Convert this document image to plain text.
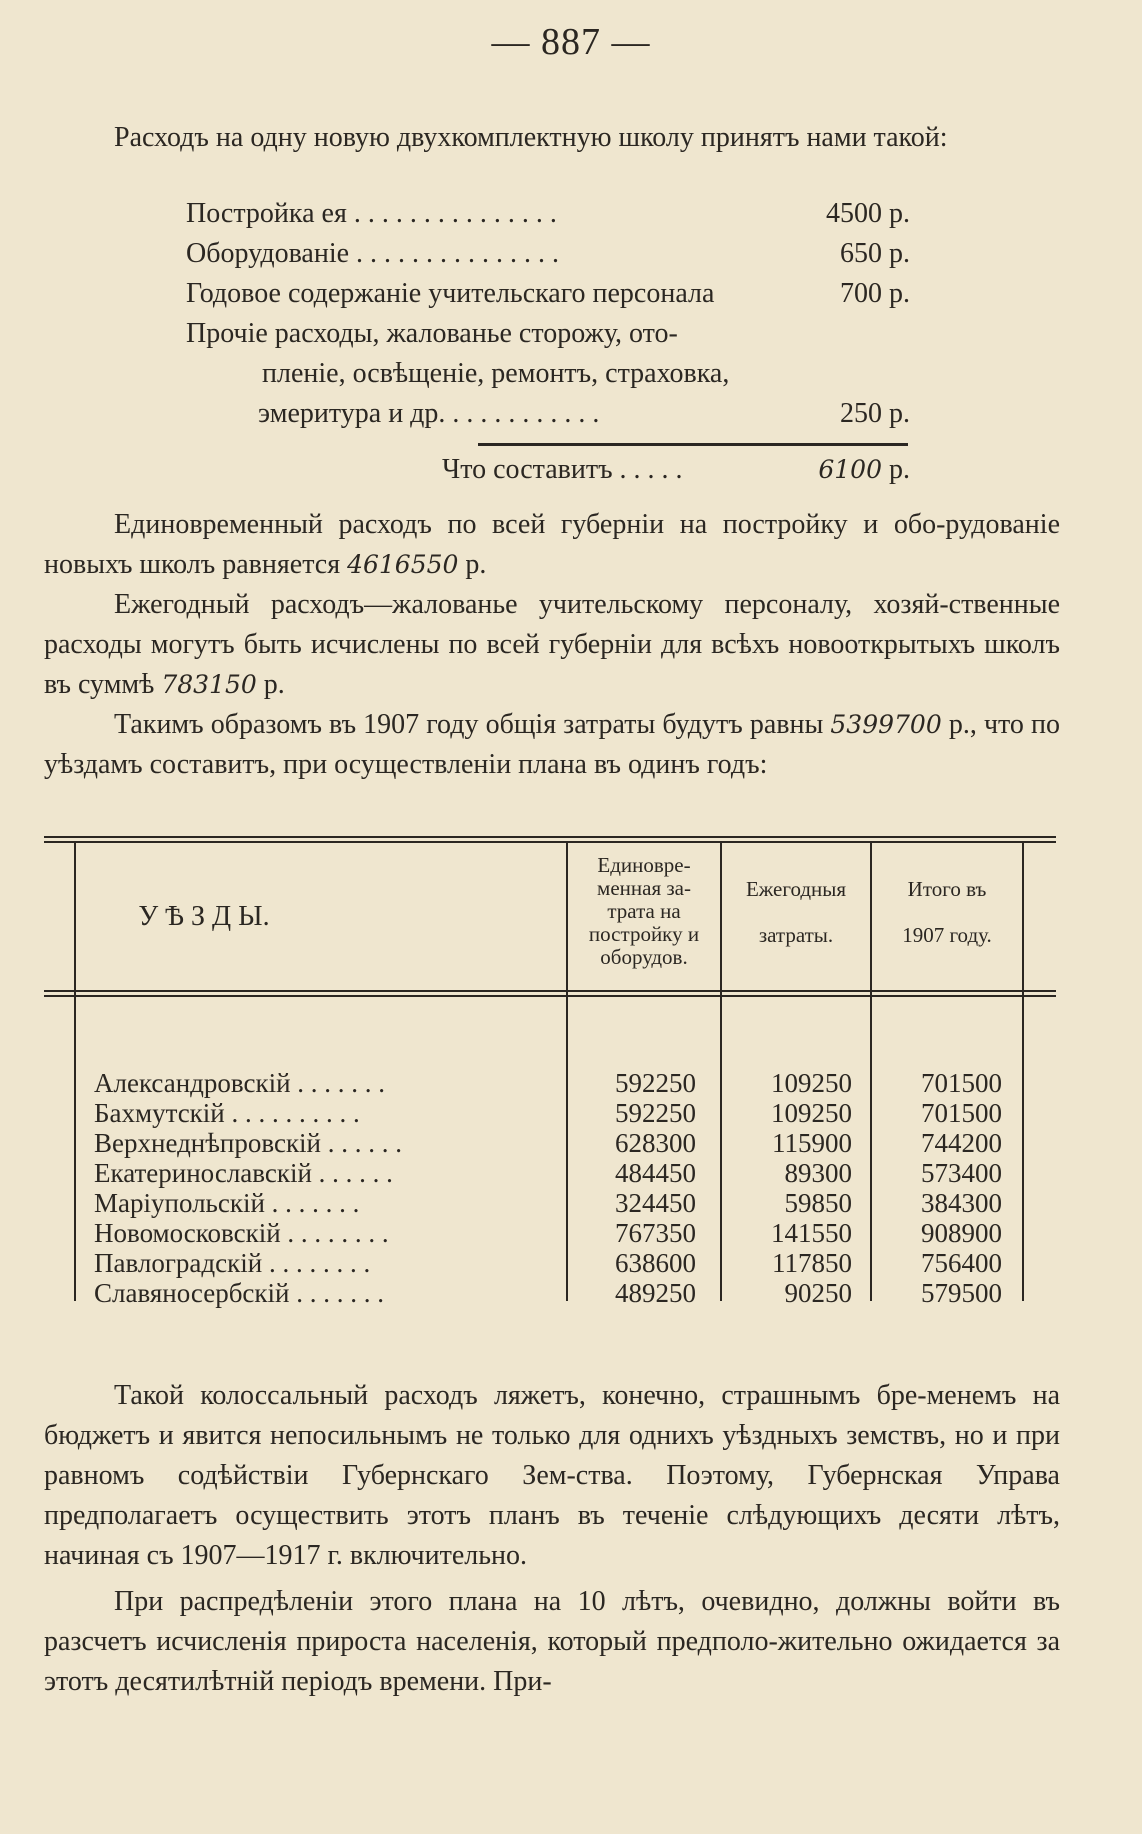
— 887 —

Расходъ на одну новую двухкомплектную школу принятъ нами такой:

Постройка ея . . . . . . . . . . . . . . .	4500 р.
Оборудованіе . . . . . . . . . . . . . . .	650 р.
Годовое содержаніе учительскаго персонала	700 р.
Прочіе расходы, жалованье сторожу, ото-
пленіе, освѣщеніе, ремонтъ, страховка,
эмеритура и др. . . . . . . . . . . .	250 р.
Что составитъ . . . . .	6100 р.

Единовременный расходъ по всей губерніи на постройку и обо-рудованіе новыхъ школъ равняется 4616550 р.

Ежегодный расходъ—жалованье учительскому персоналу, хозяй-ственные расходы могутъ быть исчислены по всей губерніи для всѣхъ новооткрытыхъ школъ въ суммѣ 783150 р.

Такимъ образомъ въ 1907 году общія затраты будутъ равны 5399700 р., что по уѣздамъ составитъ, при осуществленіи плана въ одинъ годъ:

У Ѣ З Д Ы.
Единовре-
менная за-
трата на
постройку и
оборудов.
Ежегодныя
затраты.
Итого въ
1907 году.
Александровскій . . . . . . .	592250	109250	701500
Бахмутскій . . . . . . . . . .	592250	109250	701500
Верхнеднѣпровскій . . . . . .	628300	115900	744200
Екатеринославскій . . . . . .	484450	89300	573400
Маріупольскій . . . . . . .	324450	59850	384300
Новомосковскій . . . . . . . .	767350	141550	908900
Павлоградскій . . . . . . . .	638600	117850	756400
Славяносербскій . . . . . . .	489250	90250	579500

Такой колоссальный расходъ ляжетъ, конечно, страшнымъ бре-менемъ на бюджетъ и явится непосильнымъ не только для однихъ уѣздныхъ земствъ, но и при равномъ содѣйствіи Губернскаго Зем-ства. Поэтому, Губернская Управа предполагаетъ осуществить этотъ планъ въ теченіе слѣдующихъ десяти лѣтъ, начиная съ 1907—1917 г. включительно.

При распредѣленіи этого плана на 10 лѣтъ, очевидно, должны войти въ разсчетъ исчисленія прироста населенія, который предполо-жительно ожидается за этотъ десятилѣтній періодъ времени. При-
